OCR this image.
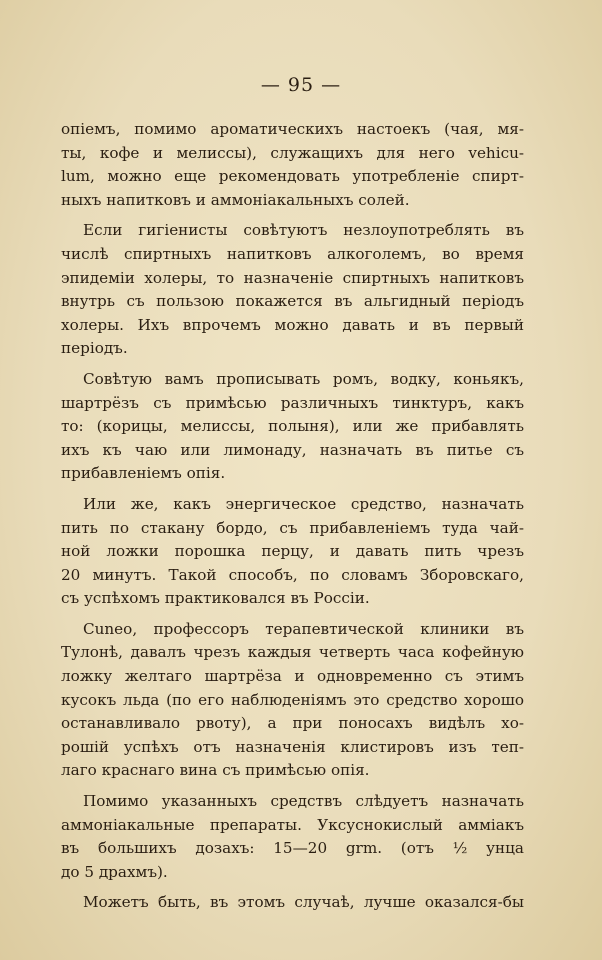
— 95 —
опіемъ, помимо ароматическихъ настоекъ (чая, мя-
ты, кофе и мелиссы), служащихъ для него vehicu-
lum, можно еще рекомендовать употребленіе спирт-
ныхъ напитковъ и аммоніакальныхъ солей.
Если гигіенисты совѣтуютъ незлоупотреблять въ
числѣ спиртныхъ напитковъ алкоголемъ, во время
эпидеміи холеры, то назначеніе спиртныхъ напитковъ
внутрь съ пользою покажется въ альгидный періодъ
холеры. Ихъ впрочемъ можно давать и въ первый
періодъ.
Совѣтую вамъ прописывать ромъ, водку, коньякъ,
шартрёзъ съ примѣсью различныхъ тинктуръ, какъ
то: (корицы, мелиссы, полыня), или же прибавлять
ихъ къ чаю или лимонаду, назначать въ питье съ
прибавленіемъ опія.
Или же, какъ энергическое средство, назначать
пить по стакану бордо, съ прибавленіемъ туда чай-
ной ложки порошка перцу, и давать пить чрезъ
20 минутъ. Такой способъ, по словамъ Зборовскаго,
съ успѣхомъ практиковался въ Россіи.
Cuneo, профессоръ терапевтической клиники въ
Тулонѣ, давалъ чрезъ каждыя четверть часа кофейную
ложку желтаго шартрёза и одновременно съ этимъ
кусокъ льда (по его наблюденіямъ это средство хорошо
останавливало рвоту), а при поносахъ видѣлъ хо-
рошій успѣхъ отъ назначенія клистировъ изъ теп-
лаго краснаго вина съ примѣсью опія.
Помимо указанныхъ средствъ слѣдуетъ назначать
аммоніакальные препараты. Уксуснокислый аммiакъ
въ большихъ дозахъ: 15—20 grm. (отъ ½ унца
до 5 драхмъ).
Можетъ быть, въ этомъ случаѣ, лучше оказался-бы
